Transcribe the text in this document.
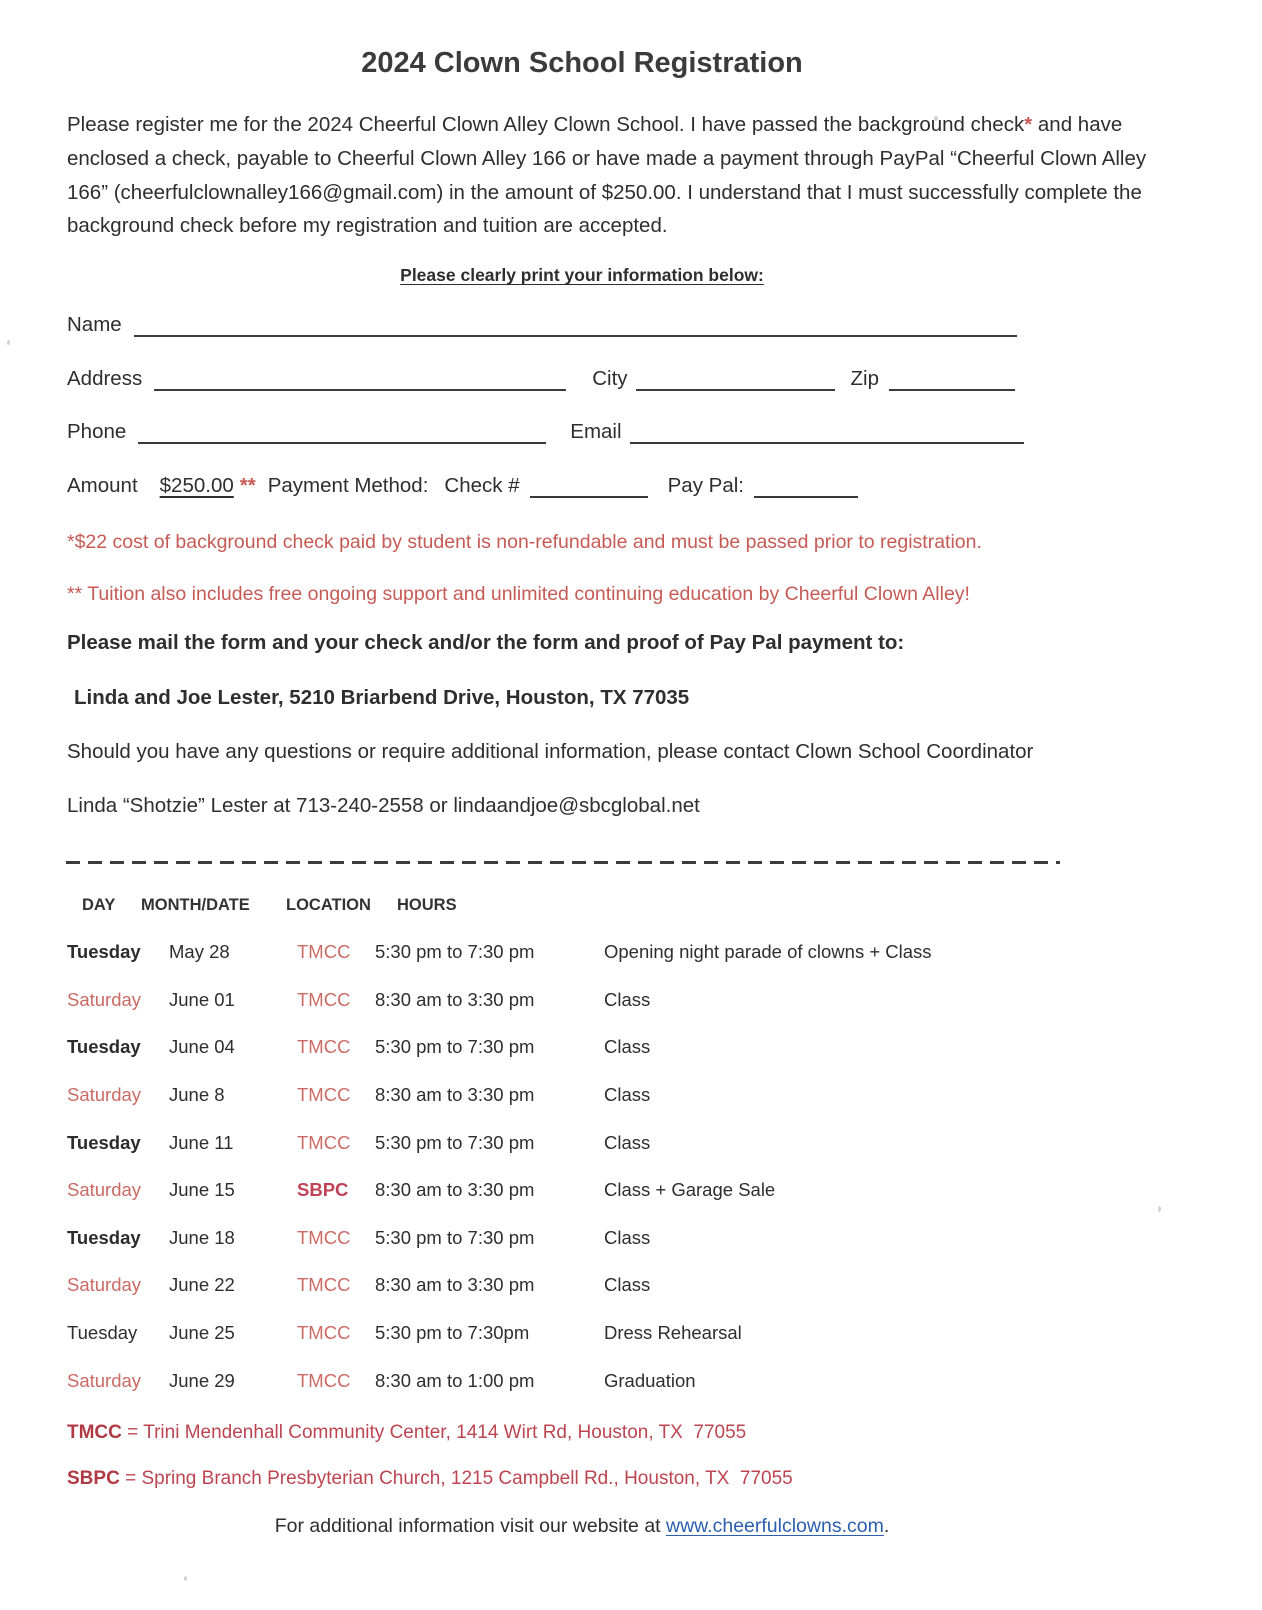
2024 Clown School Registration

Please register me for the 2024 Cheerful Clown Alley Clown School. I have passed the background check* and have enclosed a check, payable to Cheerful Clown Alley 166 or have made a payment through PayPal “Cheerful Clown Alley 166” (cheerfulclownalley166@gmail.com) in the amount of $250.00. I understand that I must successfully complete the background check before my registration and tuition are accepted.

Please clearly print your information below:
Name
Address	City	Zip
Phone	Email
Amount $250.00 ** Payment Method: Check #	Pay Pal:

*$22 cost of background check paid by student is non-refundable and must be passed prior to registration.

** Tuition also includes free ongoing support and unlimited continuing education by Cheerful Clown Alley!

Please mail the form and your check and/or the form and proof of Pay Pal payment to:

Linda and Joe Lester, 5210 Briarbend Drive, Houston, TX 77035

Should you have any questions or require additional information, please contact Clown School Coordinator

Linda “Shotzie” Lester at 713-240-2558 or lindaandjoe@sbcglobal.net

DAY MONTH/DATE LOCATION HOURS
Tuesday May 28	TMCC 5:30 pm to 7:30 pm	Opening night parade of clowns + Class
Saturday June 01	TMCC 8:30 am to 3:30 pm	Class
Tuesday June 04	TMCC 5:30 pm to 7:30 pm	Class
Saturday June 8	TMCC 8:30 am to 3:30 pm	Class
Tuesday June 11	TMCC 5:30 pm to 7:30 pm	Class
Saturday June 15	SBPC 8:30 am to 3:30 pm	Class + Garage Sale
Tuesday June 18	TMCC 5:30 pm to 7:30 pm	Class
Saturday June 22	TMCC 8:30 am to 3:30 pm	Class
Tuesday June 25	TMCC 5:30 pm to 7:30pm	Dress Rehearsal
Saturday June 29	TMCC 8:30 am to 1:00 pm	Graduation

TMCC = Trini Mendenhall Community Center, 1414 Wirt Rd, Houston, TX  77055

SBPC = Spring Branch Presbyterian Church, 1215 Campbell Rd., Houston, TX  77055

For additional information visit our website at www.cheerfulclowns.com.
